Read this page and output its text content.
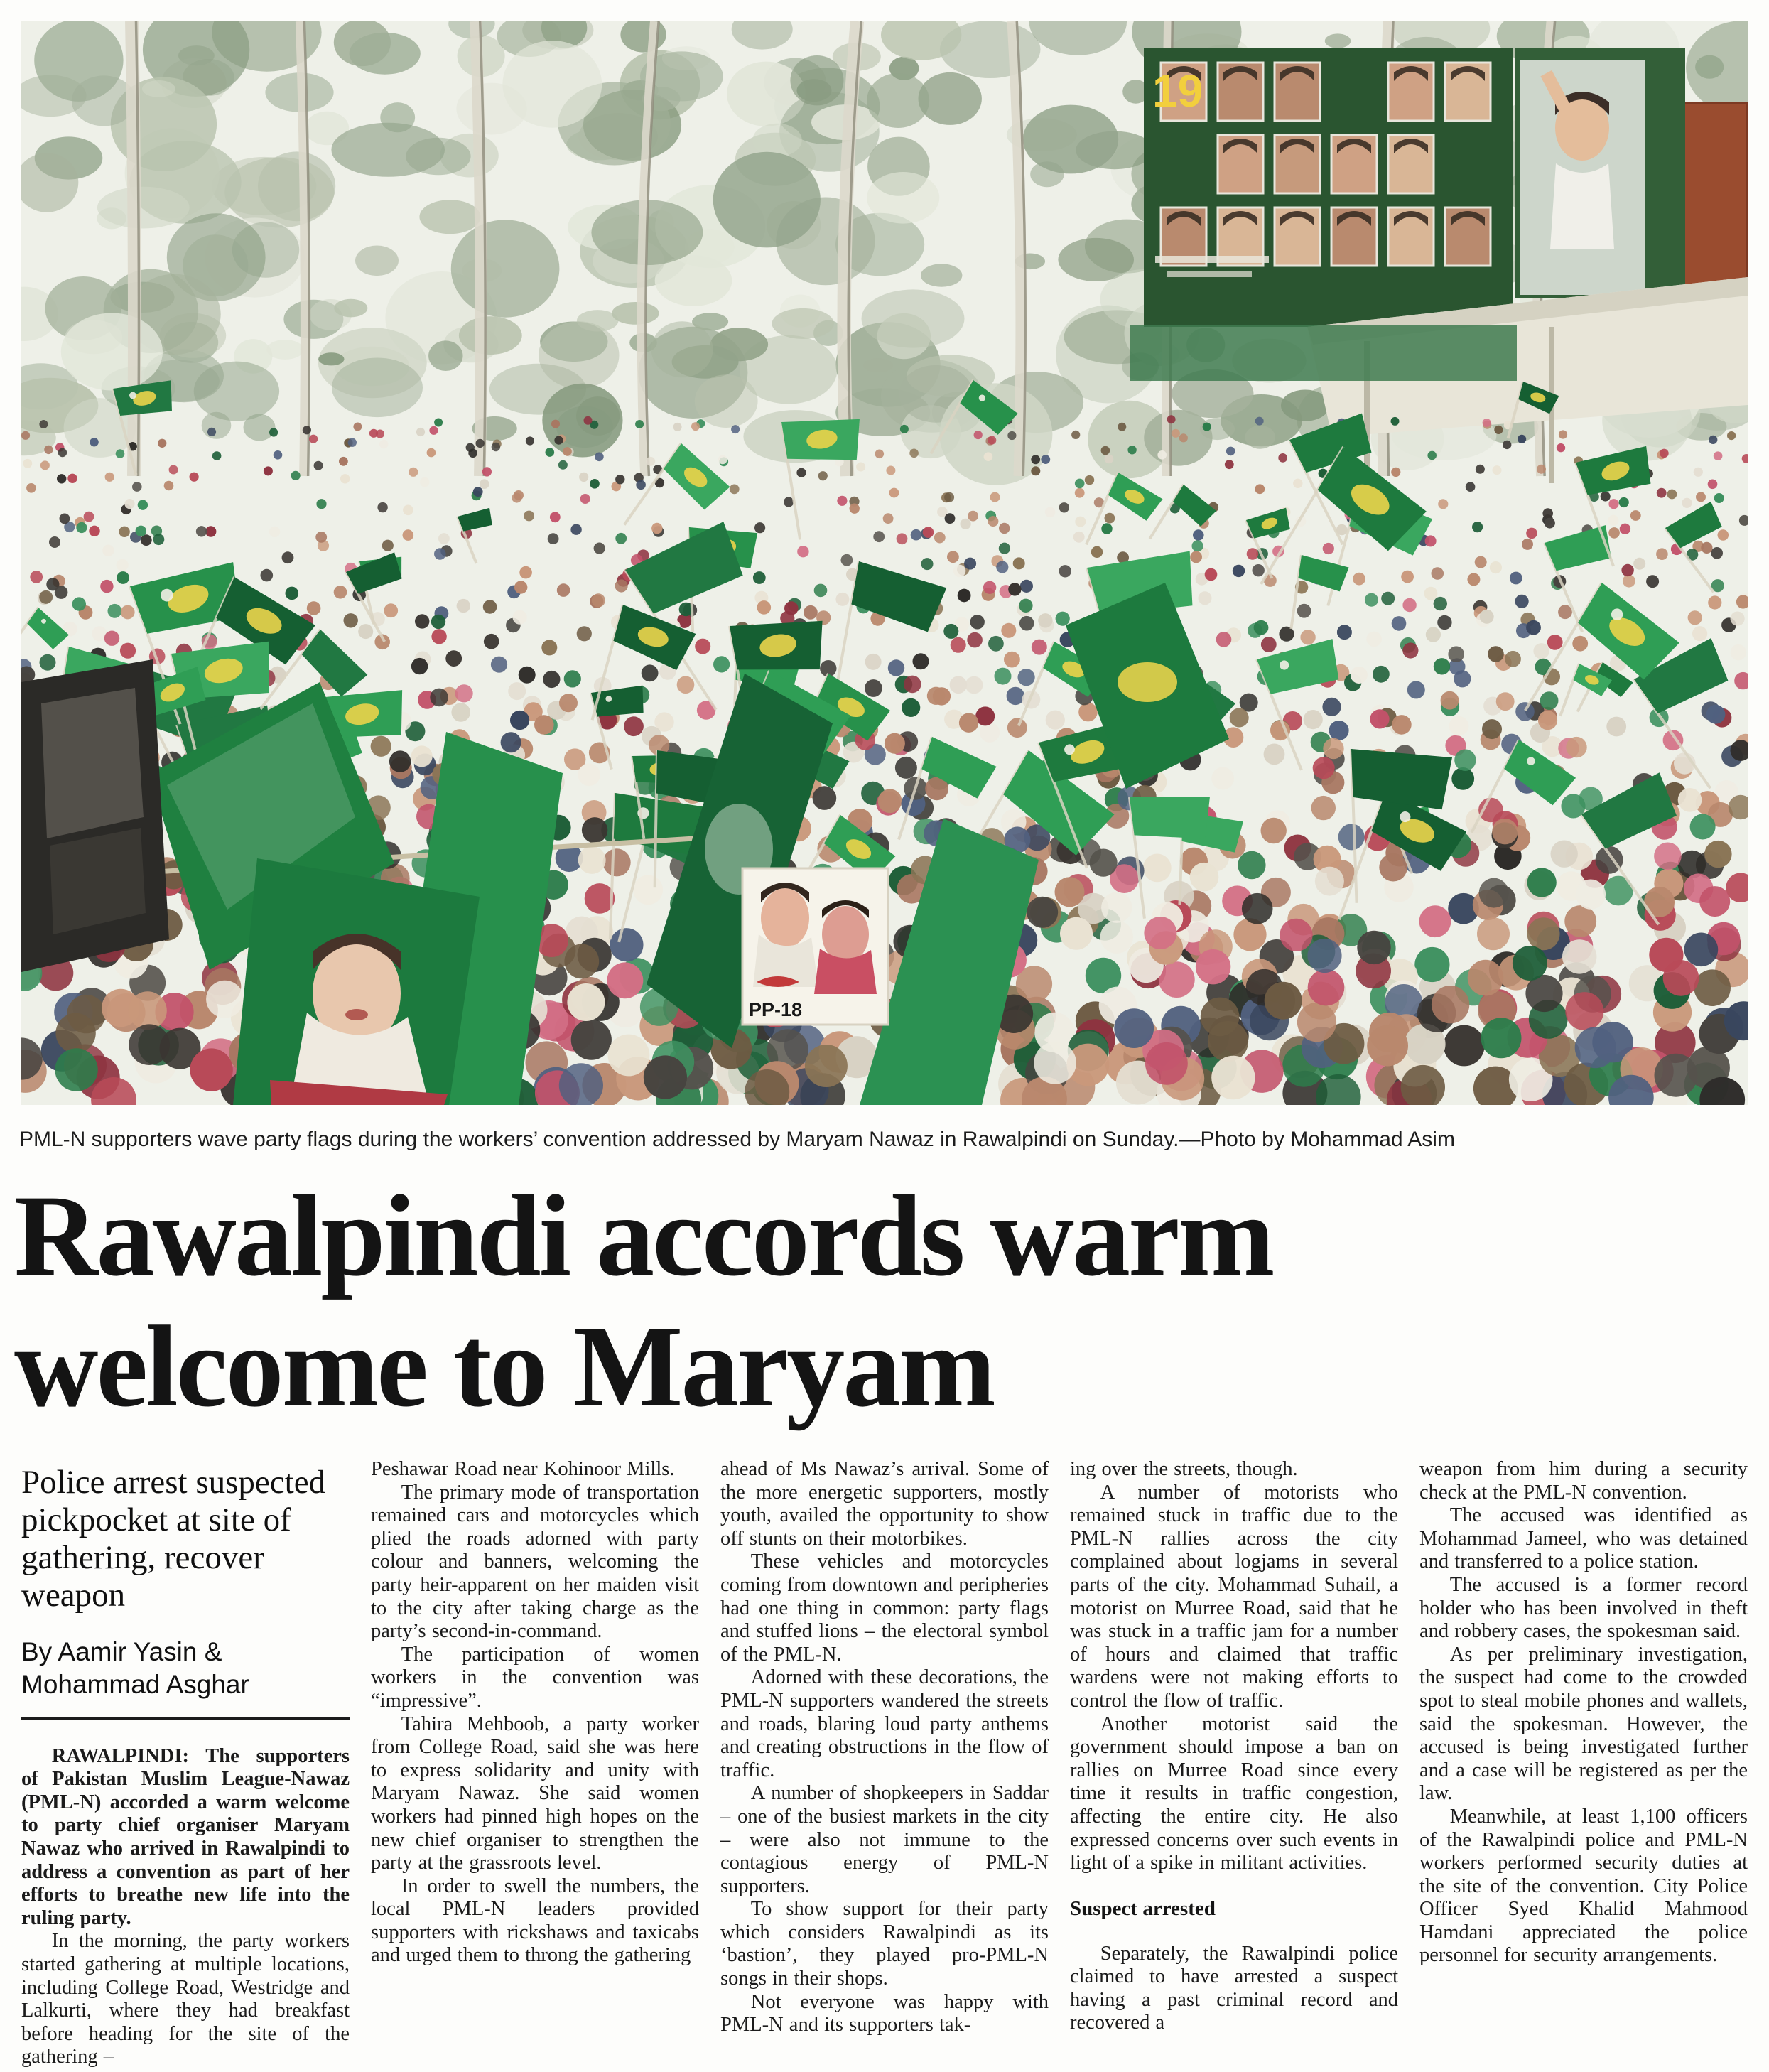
19
PP-18

PML-N supporters wave party flags during the workers’ convention addressed by Maryam Nawaz in Rawalpindi on Sunday.—Photo by Mohammad Asim

Rawalpindi accords warm welcome to Maryam
Police arrest suspected pickpocket at site of gathering, recover weapon
By Aamir Yasin &
Mohammad Asghar

RAWALPINDI: The supporters of Pakistan Muslim League-Nawaz (PML-N) accorded a warm welcome to party chief organiser Maryam Nawaz who arrived in Rawalpindi to address a convention as part of her efforts to breathe new life into the ruling party.

In the morning, the party workers started gathering at multiple locations, including College Road, Westridge and Lalkurti, where they had breakfast before heading for the site of the gathering –

Peshawar Road near Kohinoor Mills.

The primary mode of transportation remained cars and motorcycles which plied the roads adorned with party colour and banners, welcoming the party heir-apparent on her maiden visit to the city after taking charge as the party’s second-in-command.

The participation of women workers in the convention was “impressive”.

Tahira Mehboob, a party worker from College Road, said she was here to express solidarity and unity with Maryam Nawaz. She said women workers had pinned high hopes on the new chief organiser to strengthen the party at the grassroots level.

In order to swell the numbers, the local PML-N leaders provided supporters with rickshaws and taxicabs and urged them to throng the gathering

ahead of Ms Nawaz’s arrival. Some of the more energetic supporters, mostly youth, availed the opportunity to show off stunts on their motorbikes.

These vehicles and motorcycles coming from downtown and peripheries had one thing in common: party flags and stuffed lions – the electoral symbol of the PML-N.

Adorned with these decorations, the PML-N supporters wandered the streets and roads, blaring loud party anthems and creating obstructions in the flow of traffic.

A number of shopkeepers in Saddar – one of the busiest markets in the city – were also not immune to the contagious energy of PML-N supporters.

To show support for their party which considers Rawalpindi as its ‘bastion’, they played pro-PML-N songs in their shops.

Not everyone was happy with PML-N and its supporters tak-

ing over the streets, though.

A number of motorists who remained stuck in traffic due to the PML-N rallies across the city complained about logjams in several parts of the city. Mohammad Suhail, a motorist on Murree Road, said that he was stuck in a traffic jam for a number of hours and claimed that traffic wardens were not making efforts to control the flow of traffic.

Another motorist said the government should impose a ban on rallies on Murree Road since every time it results in traffic congestion, affecting the entire city. He also expressed concerns over such events in light of a spike in militant activities.

Suspect arrested

Separately, the Rawalpindi police claimed to have arrested a suspect having a past criminal record and recovered a

weapon from him during a security check at the PML-N convention.

The accused was identified as Mohammad Jameel, who was detained and transferred to a police station.

The accused is a former record holder who has been involved in theft and robbery cases, the spokesman said.

As per preliminary investigation, the suspect had come to the crowded spot to steal mobile phones and wallets, said the spokesman. However, the accused is being investigated further and a case will be registered as per the law.

Meanwhile, at least 1,100 officers of the Rawalpindi police and PML-N workers performed security duties at the site of the convention. City Police Officer Syed Khalid Mahmood Hamdani appreciated the police personnel for security arrangements.
